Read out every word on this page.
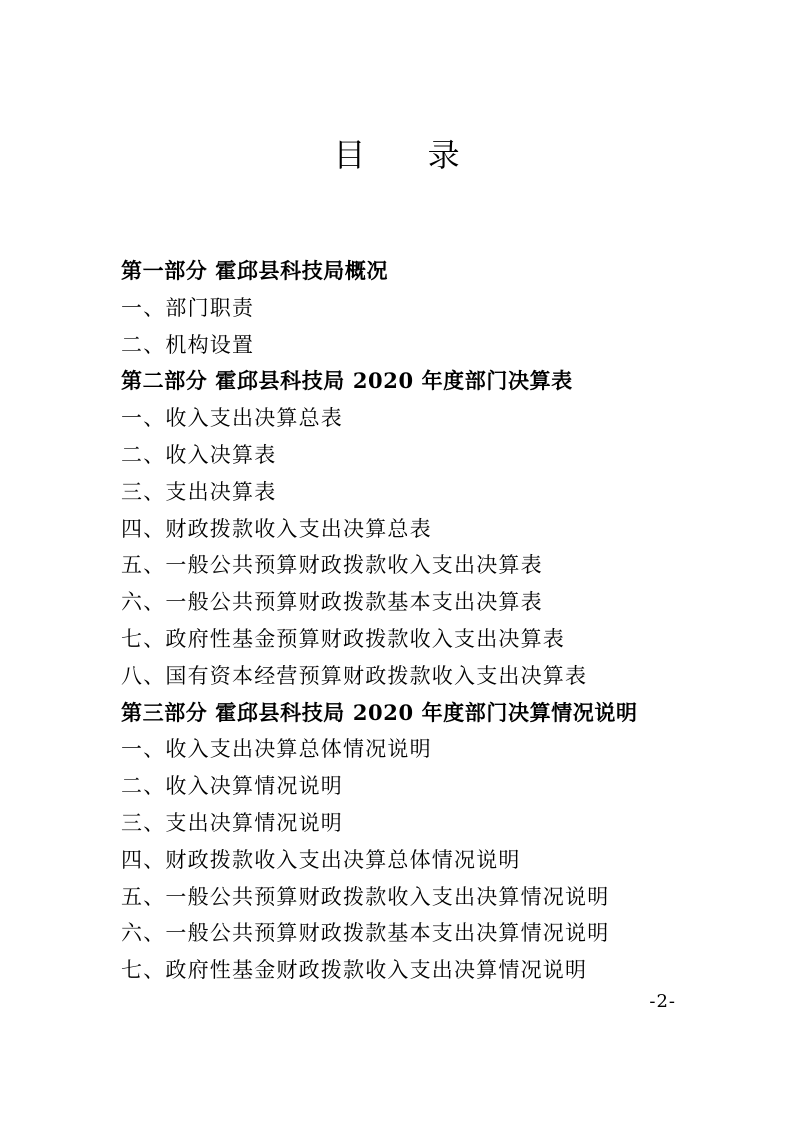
目 录
第一部分 霍邱县科技局概况
一、部门职责
二、机构设置
第二部分 霍邱县科技局 2020 年度部门决算表
一、收入支出决算总表
二、收入决算表
三、支出决算表
四、财政拨款收入支出决算总表
五、一般公共预算财政拨款收入支出决算表
六、一般公共预算财政拨款基本支出决算表
七、政府性基金预算财政拨款收入支出决算表
八、国有资本经营预算财政拨款收入支出决算表
第三部分 霍邱县科技局 2020 年度部门决算情况说明
一、收入支出决算总体情况说明
二、收入决算情况说明
三、支出决算情况说明
四、财政拨款收入支出决算总体情况说明
五、一般公共预算财政拨款收入支出决算情况说明
六、一般公共预算财政拨款基本支出决算情况说明
七、政府性基金财政拨款收入支出决算情况说明
-2-
